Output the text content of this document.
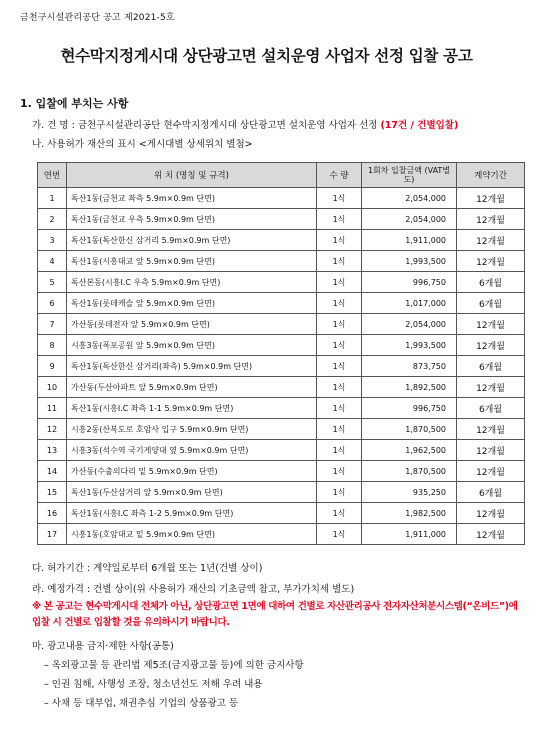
금천구시설관리공단 공고 제2021-5호
현수막지정게시대 상단광고면 설치운영 사업자 선정 입찰 공고
1. 입찰에 부치는 사항
가. 건 명 : 금천구시설관리공단 현수막지정게시대 상단광고면 설치운영 사업자 선정 (17건 / 건별입찰)
나. 사용허가 재산의 표시 <게시대별 상세위치 별첨>
연번	위 치 (명칭 및 규격)	수 량	1회차 입찰금액 (VAT별도)	계약기간
1	독산1동(금천교 좌측 5.9m×0.9m 단면)	1식	2,054,000	12개월
2	독산1동(금천교 우측 5.9m×0.9m 단면)	1식	2,054,000	12개월
3	독산1동(독산한신 삼거리 5.9m×0.9m 단면)	1식	1,911,000	12개월
4	독산1동(시흥대교 앞 5.9m×0.9m 단면)	1식	1,993,500	12개월
5	독산본동(시흥I.C 우측 5.9m×0.9m 단면)	1식	996,750	6개월
6	독산1동(롯데캐슬 앞 5.9m×0.9m 단면)	1식	1,017,000	6개월
7	가산동(롯데전자 앞 5.9m×0.9m 단면)	1식	2,054,000	12개월
8	시흥3동(폭포공원 앞 5.9m×0.9m 단면)	1식	1,993,500	12개월
9	독산1동(독산한신 삼거리(좌측) 5.9m×0.9m 단면)	1식	873,750	6개월
10	가산동(두산아파트 앞 5.9m×0.9m 단면)	1식	1,892,500	12개월
11	독산1동(시흥I.C 좌측 1-1 5.9m×0.9m 단면)	1식	996,750	6개월
12	시흥2동(산복도로 호암사 입구 5.9m×0.9m 단면)	1식	1,870,500	12개월
13	시흥3동(석수역 국기게양대 옆 5.9m×0.9m 단면)	1식	1,962,500	12개월
14	가산동(수출의다리 밑 5.9m×0.9m 단면)	1식	1,870,500	12개월
15	독산1동(두산삼거리 앞 5.9m×0.9m 단면)	1식	935,250	6개월
16	독산1동(시흥I.C 좌측 1-2 5.9m×0.9m 단면)	1식	1,982,500	12개월
17	시흥1동(호암대교 밑 5.9m×0.9m 단면)	1식	1,911,000	12개월
다. 허가기간 : 계약일로부터 6개월 또는 1년(건별 상이)
라. 예정가격 : 건별 상이(위 사용허가 재산의 기초금액 참고, 부가가치세 별도)
※ 본 공고는 현수막게시대 전체가 아닌, 상단광고면 1면에 대하여 건별로 자산관리공사 전자자산처분시스템(“온비드”)에 입찰 시 건별로 입찰할 것을 유의하시기 바랍니다.
마. 광고내용 금지·제한 사항(공통)
– 옥외광고물 등 관리법 제5조(금지광고물 등)에 의한 금지사항
– 인권 침해, 사행성 조장, 청소년선도 저해 우려 내용
– 사채 등 대부업, 채권추심 기업의 상품광고 등
